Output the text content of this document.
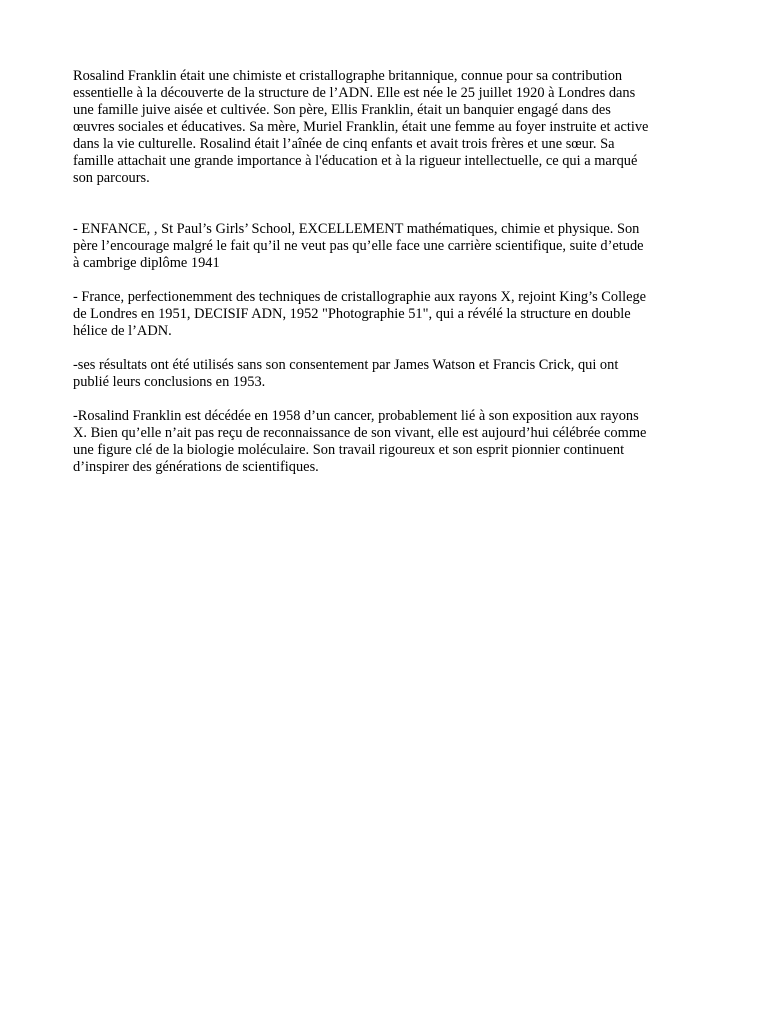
Rosalind Franklin était une chimiste et cristallographe britannique, connue pour sa contribution
essentielle à la découverte de la structure de l’ADN. Elle est née le 25 juillet 1920 à Londres dans
une famille juive aisée et cultivée. Son père, Ellis Franklin, était un banquier engagé dans des
œuvres sociales et éducatives. Sa mère, Muriel Franklin, était une femme au foyer instruite et active
dans la vie culturelle. Rosalind était l’aînée de cinq enfants et avait trois frères et une sœur. Sa
famille attachait une grande importance à l'éducation et à la rigueur intellectuelle, ce qui a marqué
son parcours.

- ENFANCE, , St Paul’s Girls’ School, EXCELLEMENT mathématiques, chimie et physique. Son
père l’encourage malgré le fait qu’il ne veut pas qu’elle face une carrière scientifique, suite d’etude
à cambrige diplôme 1941

- France, perfectionemment des techniques de cristallographie aux rayons X, rejoint King’s College
de Londres en 1951, DECISIF ADN, 1952 "Photographie 51", qui a révélé la structure en double
hélice de l’ADN.

-ses résultats ont été utilisés sans son consentement par James Watson et Francis Crick, qui ont
publié leurs conclusions en 1953.

-Rosalind Franklin est décédée en 1958 d’un cancer, probablement lié à son exposition aux rayons
X. Bien qu’elle n’ait pas reçu de reconnaissance de son vivant, elle est aujourd’hui célébrée comme
une figure clé de la biologie moléculaire. Son travail rigoureux et son esprit pionnier continuent
d’inspirer des générations de scientifiques.
